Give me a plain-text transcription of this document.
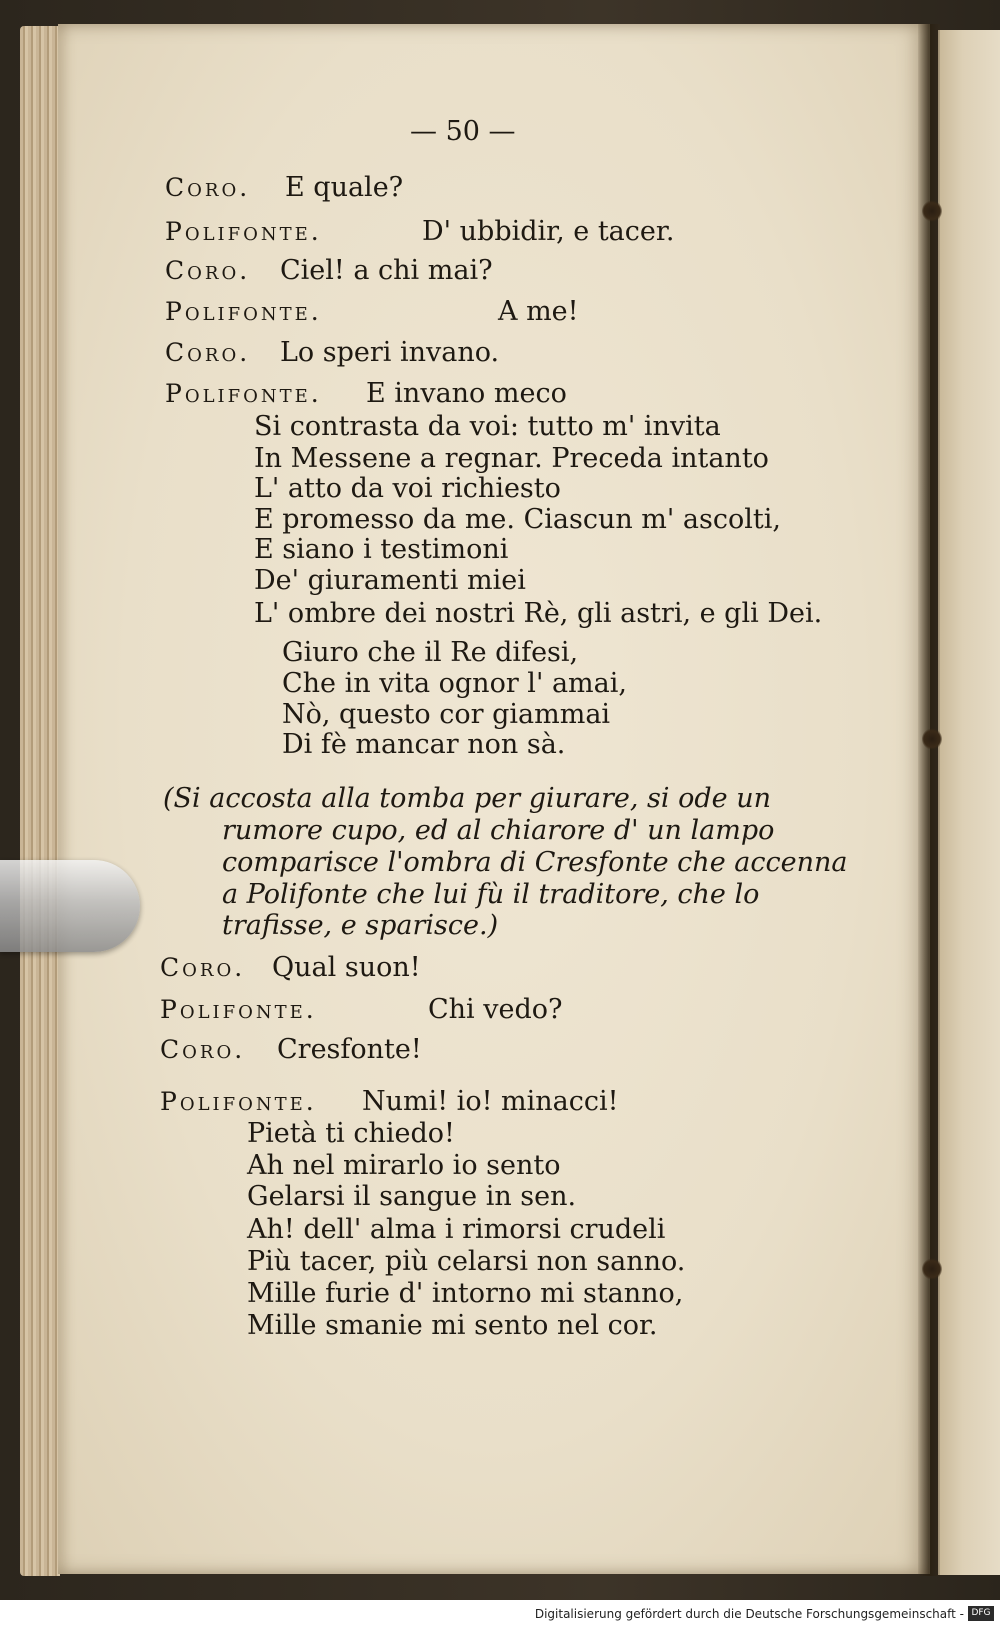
— 50 —
Coro. E quale?
Polifonte.	D' ubbidir, e tacer.
Coro. Ciel! a chi mai?
Polifonte.	A me!
Coro. Lo speri invano.
Polifonte. E invano meco
Si contrasta da voi: tutto m' invita
In Messene a regnar. Preceda intanto
L' atto da voi richiesto
E promesso da me. Ciascun m' ascolti,
E siano i testimoni
De' giuramenti miei
L' ombre dei nostri Rè, gli astri, e gli Dei.
Giuro che il Re difesi,
Che in vita ognor l' amai,
Nò, questo cor giammai
Di fè mancar non sà.
(Si accosta alla tomba per giurare, si ode un
rumore cupo, ed al chiarore d' un lampo
comparisce l'ombra di Cresfonte che accenna
a Polifonte che lui fù il traditore, che lo
trafisse, e sparisce.)
Coro. Qual suon!
Polifonte.	Chi vedo?
Coro. Cresfonte!
Polifonte. Numi! io! minacci!
Pietà ti chiedo!
Ah nel mirarlo io sento
Gelarsi il sangue in sen.
Ah! dell' alma i rimorsi crudeli
Più tacer, più celarsi non sanno.
Mille furie d' intorno mi stanno,
Mille smanie mi sento nel cor.
Digitalisierung gefördert durch die Deutsche Forschungsgemeinschaft - DFG
